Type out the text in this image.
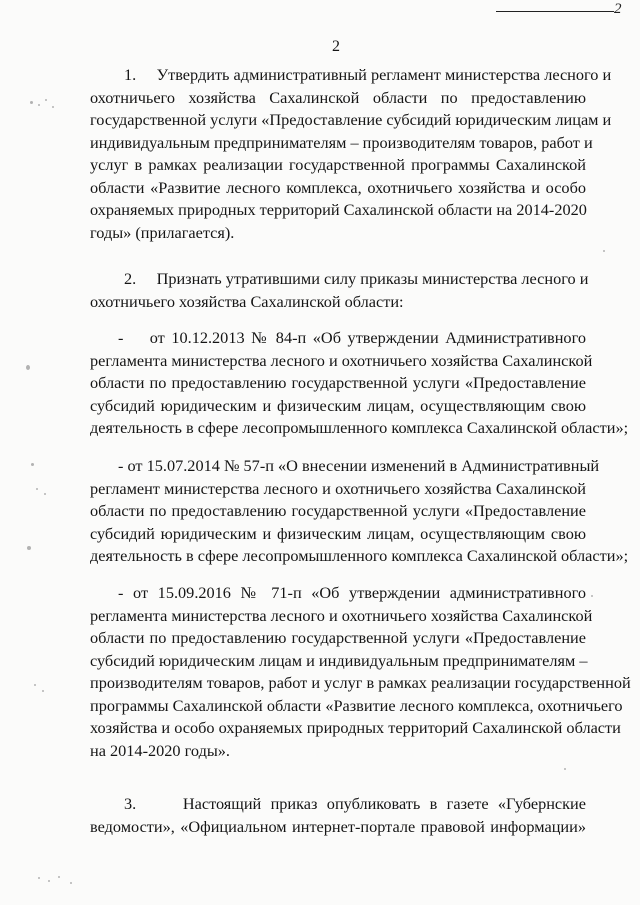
2
2
1.     Утвердить административный регламент министерства лесного и
охотничьего хозяйства Сахалинской области по предоставлению
государственной услуги «Предоставление субсидий юридическим лицам и
индивидуальным предпринимателям – производителям товаров, работ и
услуг в рамках реализации государственной программы Сахалинской
области «Развитие лесного комплекса, охотничьего хозяйства и особо
охраняемых природных территорий Сахалинской области на 2014-2020
годы» (прилагается).
2.     Признать утратившими силу приказы министерства лесного и
охотничьего хозяйства Сахалинской области:
-    от 10.12.2013 № 84-п «Об утверждении Административного
регламента министерства лесного и охотничьего хозяйства Сахалинской
области по предоставлению государственной услуги «Предоставление
субсидий юридическим и физическим лицам, осуществляющим свою
деятельность в сфере лесопромышленного комплекса Сахалинской области»;
- от 15.07.2014 № 57-п «О внесении изменений в Административный
регламент министерства лесного и охотничьего хозяйства Сахалинской
области по предоставлению государственной услуги «Предоставление
субсидий юридическим и физическим лицам, осуществляющим свою
деятельность в сфере лесопромышленного комплекса Сахалинской области»;
- от 15.09.2016 № 71-п «Об утверждении административного
регламента министерства лесного и охотничьего хозяйства Сахалинской
области по предоставлению государственной услуги «Предоставление
субсидий юридическим лицам и индивидуальным предпринимателям –
производителям товаров, работ и услуг в рамках реализации государственной
программы Сахалинской области «Развитие лесного комплекса, охотничьего
хозяйства и особо охраняемых природных территорий Сахалинской области
на 2014-2020 годы».
3.     Настоящий приказ опубликовать в газете «Губернские
ведомости», «Официальном интернет-портале правовой информации»
